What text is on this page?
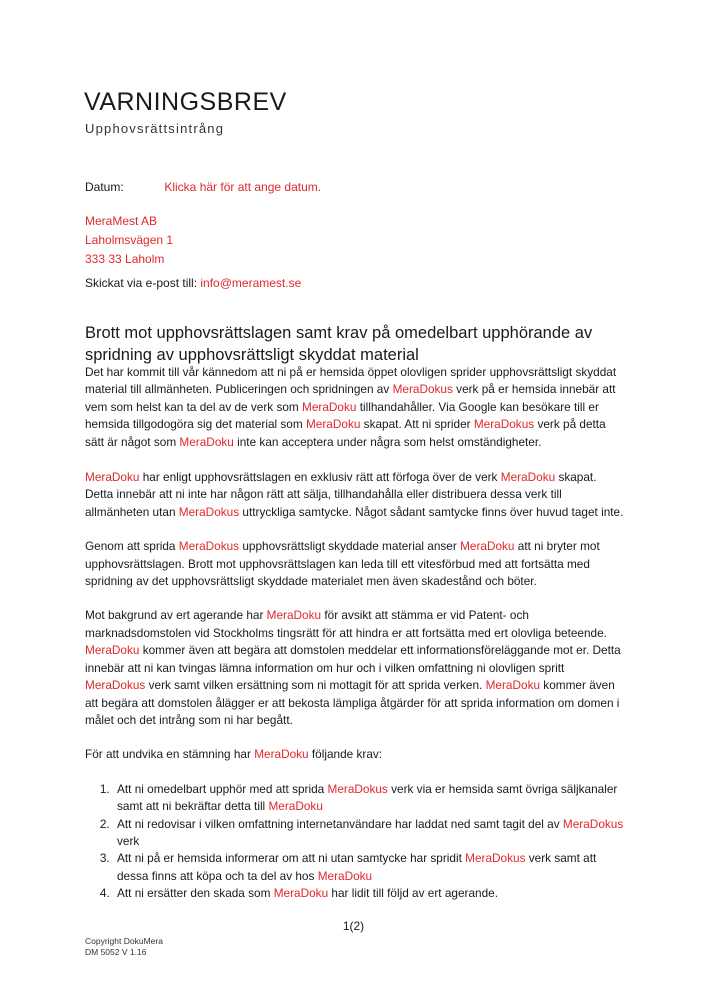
VARNINGSBREV
Upphovsrättsintrång
Datum:	Klicka här för att ange datum.
MeraMest AB
Laholmsvägen 1
333 33 Laholm
Skickat via e-post till: info@meramest.se
Brott mot upphovsrättslagen samt krav på omedelbart upphörande av spridning av upphovsrättsligt skyddat material

Det har kommit till vår kännedom att ni på er hemsida öppet olovligen sprider upphovsrättsligt skyddat material till allmänheten. Publiceringen och spridningen av MeraDokus verk på er hemsida innebär att vem som helst kan ta del av de verk som MeraDoku tillhandahåller. Via Google kan besökare till er hemsida tillgodogöra sig det material som MeraDoku skapat. Att ni sprider MeraDokus verk på detta sätt är något som MeraDoku inte kan acceptera under några som helst omständigheter.

MeraDoku har enligt upphovsrättslagen en exklusiv rätt att förfoga över de verk MeraDoku skapat. Detta innebär att ni inte har någon rätt att sälja, tillhandahålla eller distribuera dessa verk till allmänheten utan MeraDokus uttryckliga samtycke. Något sådant samtycke finns över huvud taget inte.

Genom att sprida MeraDokus upphovsrättsligt skyddade material anser MeraDoku att ni bryter mot upphovsrättslagen. Brott mot upphovsrättslagen kan leda till ett vitesförbud med att fortsätta med spridning av det upphovsrättsligt skyddade materialet men även skadestånd och böter.

Mot bakgrund av ert agerande har MeraDoku för avsikt att stämma er vid Patent- och marknadsdomstolen vid Stockholms tingsrätt för att hindra er att fortsätta med ert olovliga beteende. MeraDoku kommer även att begära att domstolen meddelar ett informationsföreläggande mot er. Detta innebär att ni kan tvingas lämna information om hur och i vilken omfattning ni olovligen spritt MeraDokus verk samt vilken ersättning som ni mottagit för att sprida verken. MeraDoku kommer även att begära att domstolen ålägger er att bekosta lämpliga åtgärder för att sprida information om domen i målet och det intrång som ni har begått.

För att undvika en stämning har MeraDoku följande krav:

1. Att ni omedelbart upphör med att sprida MeraDokus verk via er hemsida samt övriga säljkanaler samt att ni bekräftar detta till MeraDoku
2. Att ni redovisar i vilken omfattning internetanvändare har laddat ned samt tagit del av MeraDokus verk
3. Att ni på er hemsida informerar om att ni utan samtycke har spridit MeraDokus verk samt att dessa finns att köpa och ta del av hos MeraDoku
4. Att ni ersätter den skada som MeraDoku har lidit till följd av ert agerande.
1(2)
Copyright DokuMera
DM 5052 V 1.16
